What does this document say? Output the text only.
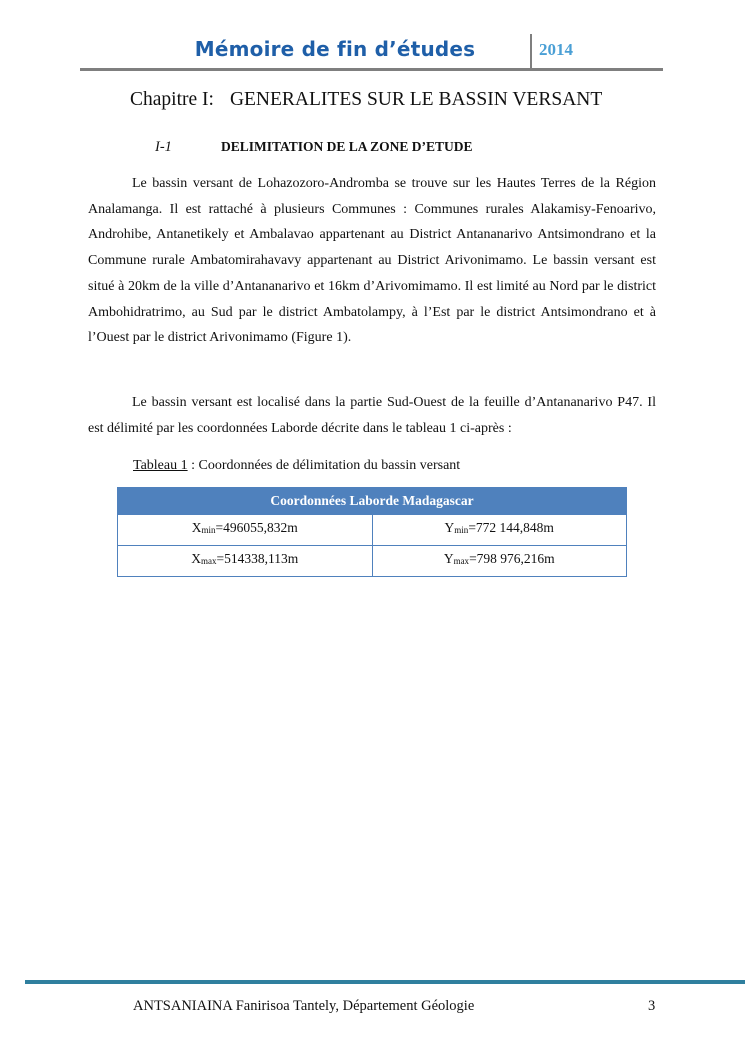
Mémoire de fin d’études	2014
Chapitre I: GENERALITES SUR LE BASSIN VERSANT
I-1	DELIMITATION DE LA ZONE D’ETUDE

Le bassin versant de Lohazozoro-Andromba se trouve sur les Hautes Terres de la Région Analamanga. Il est rattaché à plusieurs Communes : Communes rurales Alakamisy-Fenoarivo, Androhibe, Antanetikely et Ambalavao appartenant au District Antananarivo Antsimondrano et la Commune rurale Ambatomirahavavy appartenant au District Arivonimamo. Le bassin versant est situé à 20km de la ville d’Antananarivo et 16km d’Arivomimamo. Il est limité au Nord par le district Ambohidratrimo, au Sud par le district Ambatolampy, à l’Est par le district Antsimondrano et à l’Ouest par le district Arivonimamo (Figure 1).

Le bassin versant est localisé dans la partie Sud-Ouest de la feuille d’Antananarivo P47. Il est délimité par les coordonnées Laborde décrite dans le tableau 1 ci-après :

Tableau 1 : Coordonnées de délimitation du bassin versant
Coordonnées Laborde Madagascar	
Xmin=496055,832m	Ymin=772 144,848m
Xmax=514338,113m	Ymax=798 976,216m
ANTSANIAINA Fanirisoa Tantely, Département Géologie	3
